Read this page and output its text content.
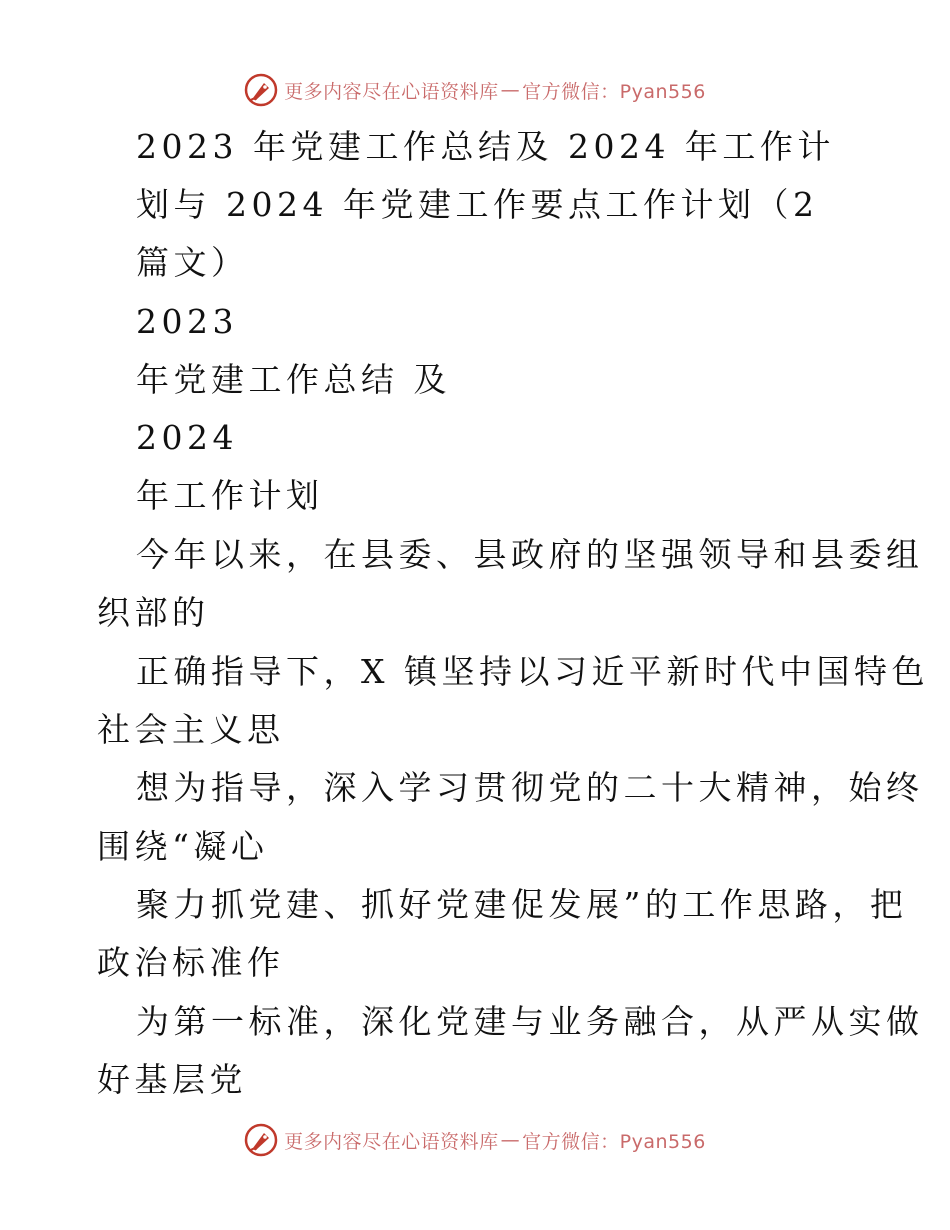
更多内容尽在心语资料库 — 官方微信：Pyan556
2023 年党建工作总结及 2024 年工作计
划与 2024 年党建工作要点工作计划（2
篇文）
2023
年党建工作总结 及
2024
年工作计划
今年以来，在县委、县政府的坚强领导和县委组
织部的
正确指导下，X 镇坚持以习近平新时代中国特色
社会主义思
想为指导，深入学习贯彻党的二十大精神，始终
围绕“凝心
聚力抓党建、抓好党建促发展”的工作思路，把
政治标准作
为第一标准，深化党建与业务融合，从严从实做
好基层党
更多内容尽在心语资料库 — 官方微信：Pyan556
